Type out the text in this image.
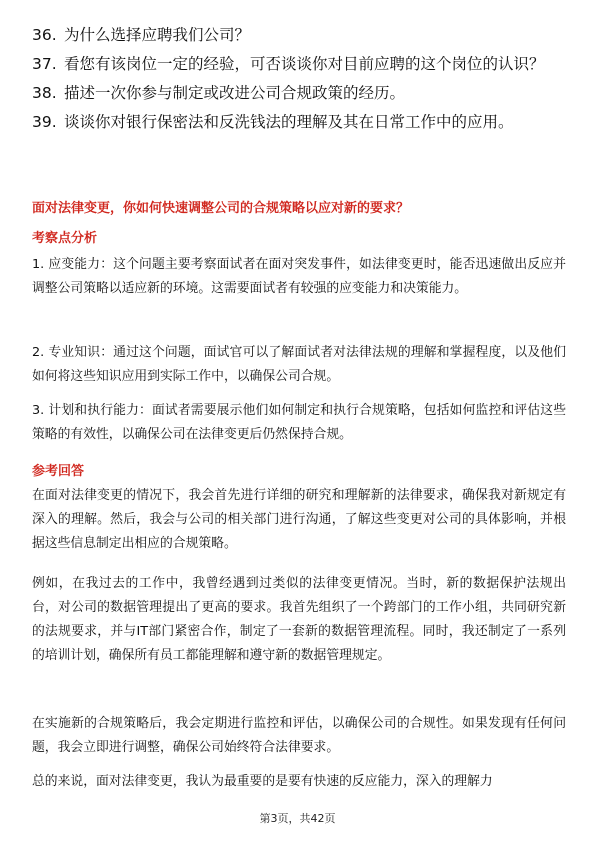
36. 为什么选择应聘我们公司？
37. 看您有该岗位一定的经验，可否谈谈你对目前应聘的这个岗位的认识？
38. 描述一次你参与制定或改进公司合规政策的经历。
39. 谈谈你对银行保密法和反洗钱法的理解及其在日常工作中的应用。

面对法律变更，你如何快速调整公司的合规策略以应对新的要求？

考察点分析

1. 应变能力：这个问题主要考察面试者在面对突发事件，如法律变更时，能否迅速做出反应并调整公司策略以适应新的环境。这需要面试者有较强的应变能力和决策能力。

2. 专业知识：通过这个问题，面试官可以了解面试者对法律法规的理解和掌握程度，以及他们如何将这些知识应用到实际工作中，以确保公司合规。

3. 计划和执行能力：面试者需要展示他们如何制定和执行合规策略，包括如何监控和评估这些策略的有效性，以确保公司在法律变更后仍然保持合规。

参考回答

在面对法律变更的情况下，我会首先进行详细的研究和理解新的法律要求，确保我对新规定有深入的理解。然后，我会与公司的相关部门进行沟通，了解这些变更对公司的具体影响，并根据这些信息制定出相应的合规策略。

例如，在我过去的工作中，我曾经遇到过类似的法律变更情况。当时，新的数据保护法规出台，对公司的数据管理提出了更高的要求。我首先组织了一个跨部门的工作小组，共同研究新的法规要求，并与IT部门紧密合作，制定了一套新的数据管理流程。同时，我还制定了一系列的培训计划，确保所有员工都能理解和遵守新的数据管理规定。

在实施新的合规策略后，我会定期进行监控和评估，以确保公司的合规性。如果发现有任何问题，我会立即进行调整，确保公司始终符合法律要求。

总的来说，面对法律变更，我认为最重要的是要有快速的反应能力，深入的理解力

第3页，共42页
